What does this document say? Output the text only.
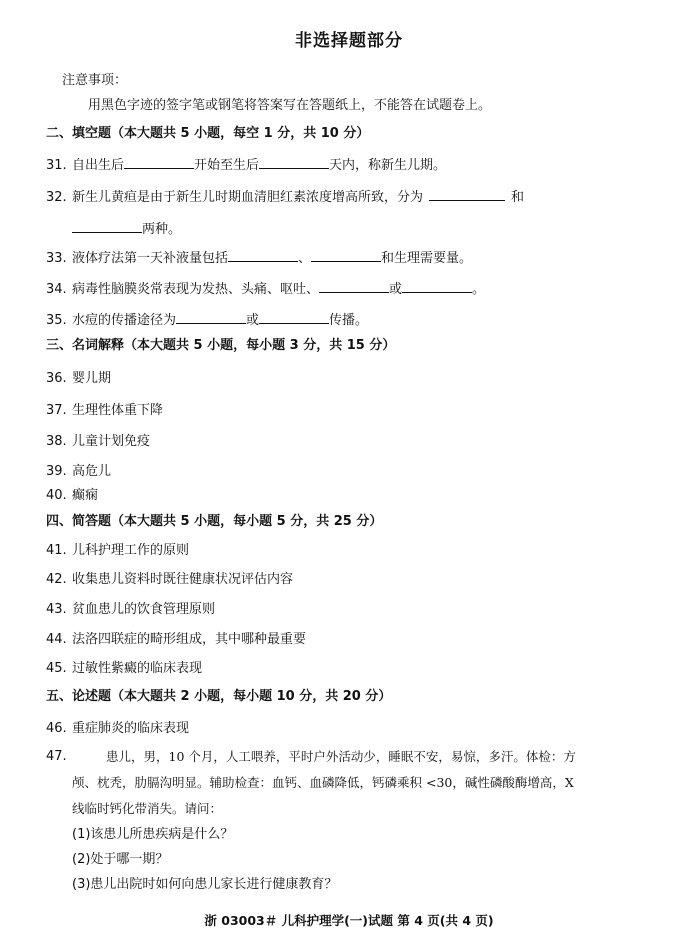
非选择题部分
注意事项：
用黑色字迹的签字笔或钢笔将答案写在答题纸上，不能答在试题卷上。
二、填空题（本大题共 5 小题，每空 1 分，共 10 分）
31. 自出生后	开始至生后	天内，称新生儿期。
32. 新生儿黄疸是由于新生儿时期血清胆红素浓度增高所致，分为	和
两种。
33. 液体疗法第一天补液量包括	、	和生理需要量。
34. 病毒性脑膜炎常表现为发热、头痛、呕吐、	或	。
35. 水痘的传播途径为	或	传播。
三、名词解释（本大题共 5 小题，每小题 3 分，共 15 分）
36. 婴儿期
37. 生理性体重下降
38. 儿童计划免疫
39. 高危儿
40. 癫痫
四、简答题（本大题共 5 小题，每小题 5 分，共 25 分）
41. 儿科护理工作的原则
42. 收集患儿资料时既往健康状况评估内容
43. 贫血患儿的饮食管理原则
44. 法洛四联症的畸形组成，其中哪种最重要
45. 过敏性紫癜的临床表现
五、论述题（本大题共 2 小题，每小题 10 分，共 20 分）
46. 重症肺炎的临床表现
47.	患儿，男，10 个月，人工喂养，平时户外活动少，睡眠不安，易惊，多汗。体检：方
颅、枕秃，肋膈沟明显。辅助检查：血钙、血磷降低，钙磷乘积 <30，碱性磷酸酶增高，X
线临时钙化带消失。请问：
(1)该患儿所患疾病是什么？
(2)处于哪一期？
(3)患儿出院时如何向患儿家长进行健康教育？
浙 03003＃ 儿科护理学(一)试题 第 4 页(共 4 页)
